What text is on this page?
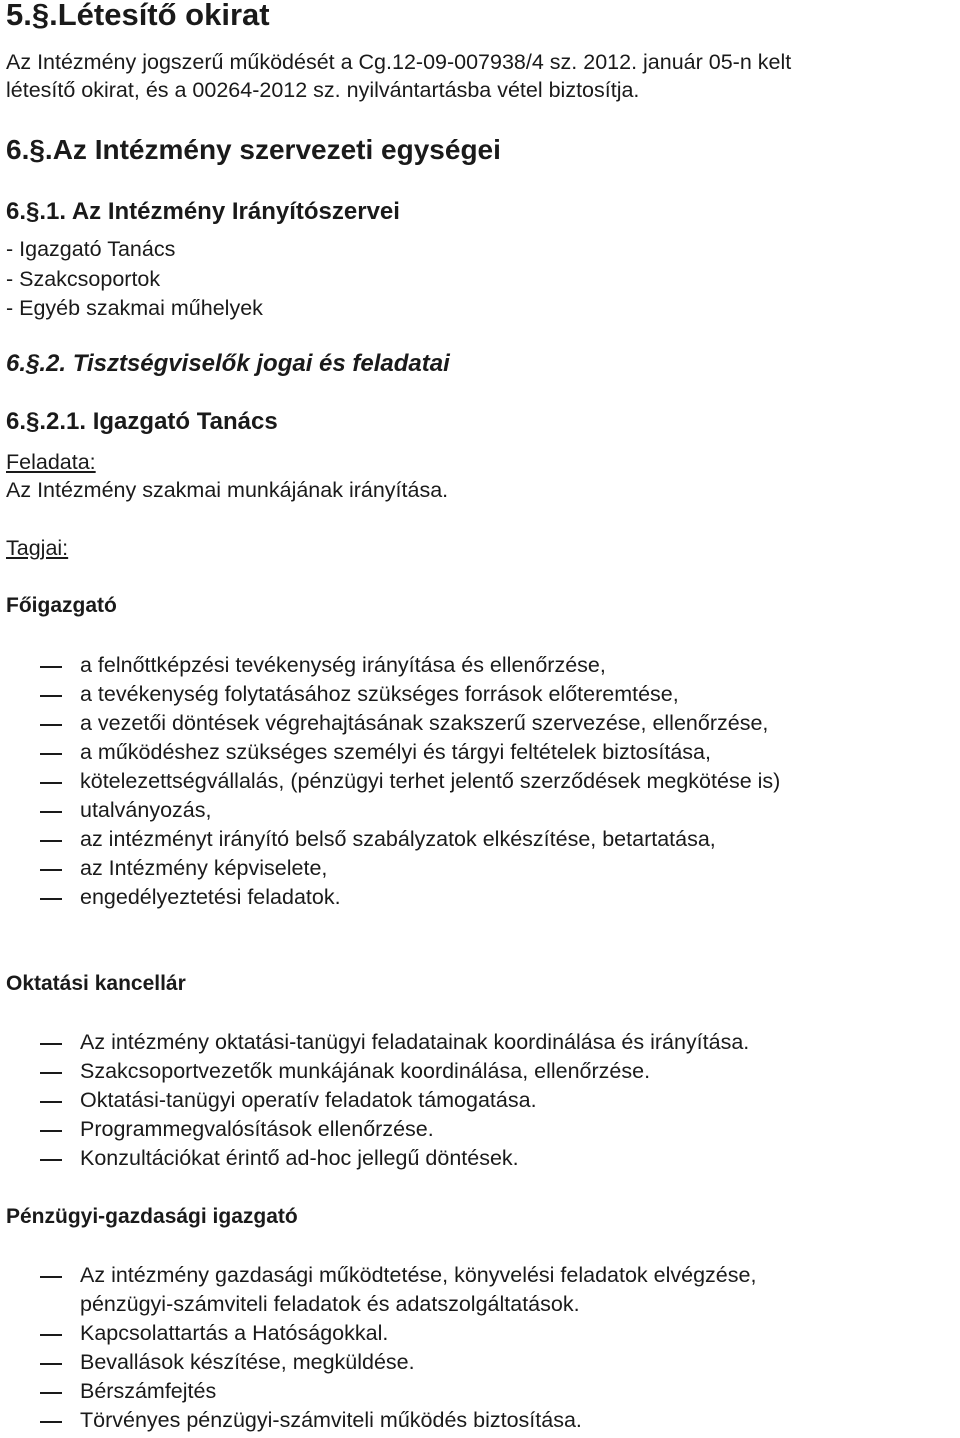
5.§.Létesítő okirat
Az Intézmény jogszerű működését a Cg.12-09-007938/4 sz. 2012. január 05-n kelt
létesítő okirat, és a 00264-2012 sz. nyilvántartásba vétel biztosítja.
6.§.Az Intézmény szervezeti egységei
6.§.1. Az Intézmény Irányítószervei
- Igazgató Tanács
- Szakcsoportok
- Egyéb szakmai műhelyek
6.§.2. Tisztségviselők jogai és feladatai
6.§.2.1. Igazgató Tanács
Feladata:
Az Intézmény szakmai munkájának irányítása.
Tagjai:
Főigazgató
a felnőttképzési tevékenység irányítása és ellenőrzése,
a tevékenység folytatásához szükséges források előteremtése,
a vezetői döntések végrehajtásának szakszerű szervezése, ellenőrzése,
a működéshez szükséges személyi és tárgyi feltételek biztosítása,
kötelezettségvállalás, (pénzügyi terhet jelentő szerződések megkötése is)
utalványozás,
az intézményt irányító belső szabályzatok elkészítése, betartatása,
az Intézmény képviselete,
engedélyeztetési feladatok.
Oktatási kancellár
Az intézmény oktatási-tanügyi feladatainak koordinálása és irányítása.
Szakcsoportvezetők munkájának koordinálása, ellenőrzése.
Oktatási-tanügyi operatív feladatok támogatása.
Programmegvalósítások ellenőrzése.
Konzultációkat érintő ad-hoc jellegű döntések.
Pénzügyi-gazdasági igazgató
Az intézmény gazdasági működtetése, könyvelési feladatok elvégzése,
pénzügyi-számviteli feladatok és adatszolgáltatások.
Kapcsolattartás a Hatóságokkal.
Bevallások készítése, megküldése.
Bérszámfejtés
Törvényes pénzügyi-számviteli működés biztosítása.
